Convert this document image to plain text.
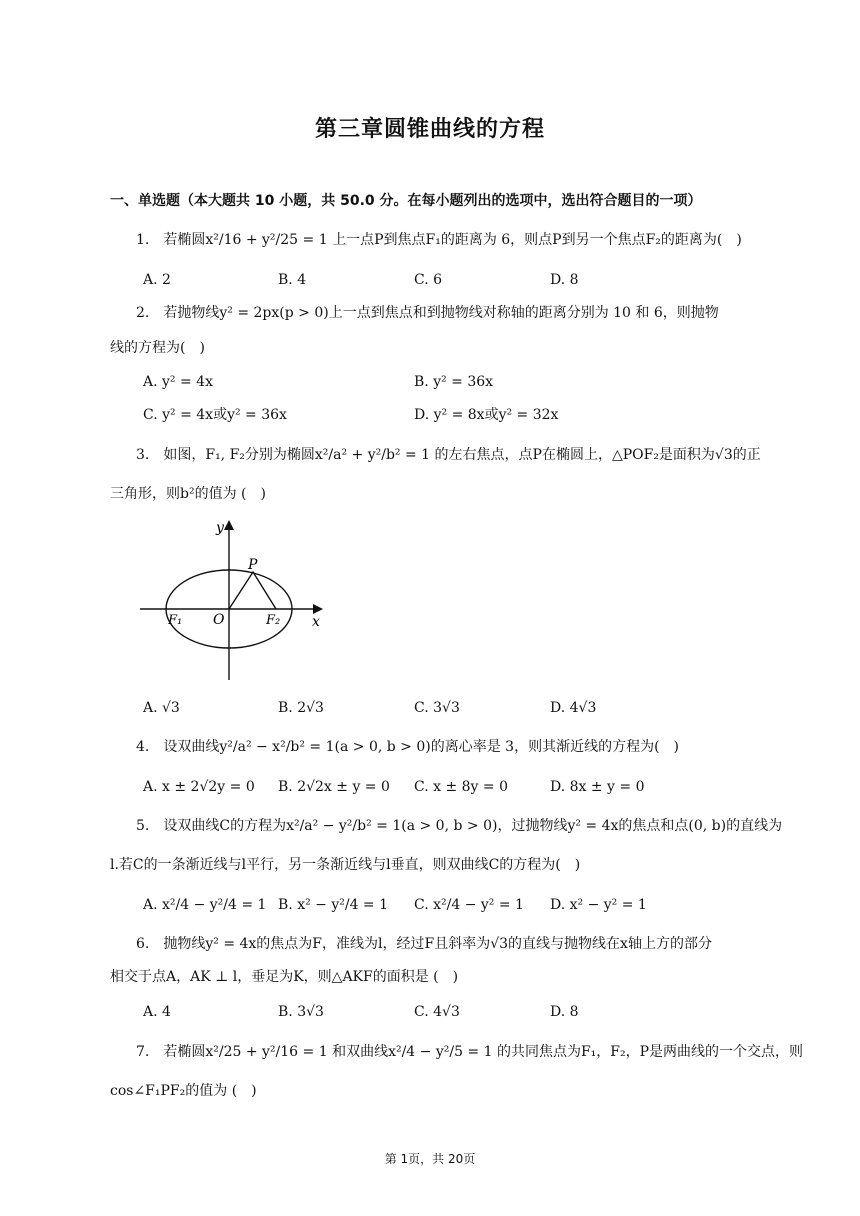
第三章圆锥曲线的方程
一、单选题（本大题共 10 小题，共 50.0 分。在每小题列出的选项中，选出符合题目的一项）
1.　若椭圆x²/16 + y²/25 = 1 上一点P到焦点F₁的距离为 6，则点P到另一个焦点F₂的距离为(　)
A. 2	B. 4	C. 6	D. 8
2.　若抛物线y² = 2px(p > 0)上一点到焦点和到抛物线对称轴的距离分别为 10 和 6，则抛物
线的方程为(　)
A. y² = 4x	B. y² = 36x
C. y² = 4x或y² = 36x	D. y² = 8x或y² = 32x
3.　如图，F₁, F₂分别为椭圆x²/a² + y²/b² = 1 的左右焦点，点P在椭圆上，△POF₂是面积为√3的正
三角形，则b²的值为 (　)
y
P
F₁ O	F₂ x
A. √3	B. 2√3	C. 3√3	D. 4√3
4.　设双曲线y²/a² − x²/b² = 1(a > 0, b > 0)的离心率是 3，则其渐近线的方程为(　)
A. x ± 2√2y = 0 B. 2√2x ± y = 0 C. x ± 8y = 0	D. 8x ± y = 0
5.　设双曲线C的方程为x²/a² − y²/b² = 1(a > 0, b > 0)，过抛物线y² = 4x的焦点和点(0, b)的直线为
l.若C的一条渐近线与l平行，另一条渐近线与l垂直，则双曲线C的方程为(　)
A. x²/4 − y²/4 = 1 B. x² − y²/4 = 1 C. x²/4 − y² = 1 D. x² − y² = 1
6.　抛物线y² = 4x的焦点为F，准线为l，经过F且斜率为√3的直线与抛物线在x轴上方的部分
相交于点A，AK ⊥ l，垂足为K，则△AKF的面积是 (　)
A. 4	B. 3√3	C. 4√3	D. 8
7.　若椭圆x²/25 + y²/16 = 1 和双曲线x²/4 − y²/5 = 1 的共同焦点为F₁，F₂，P是两曲线的一个交点，则
cos∠F₁PF₂的值为 (　)
第 1页，共 20页
